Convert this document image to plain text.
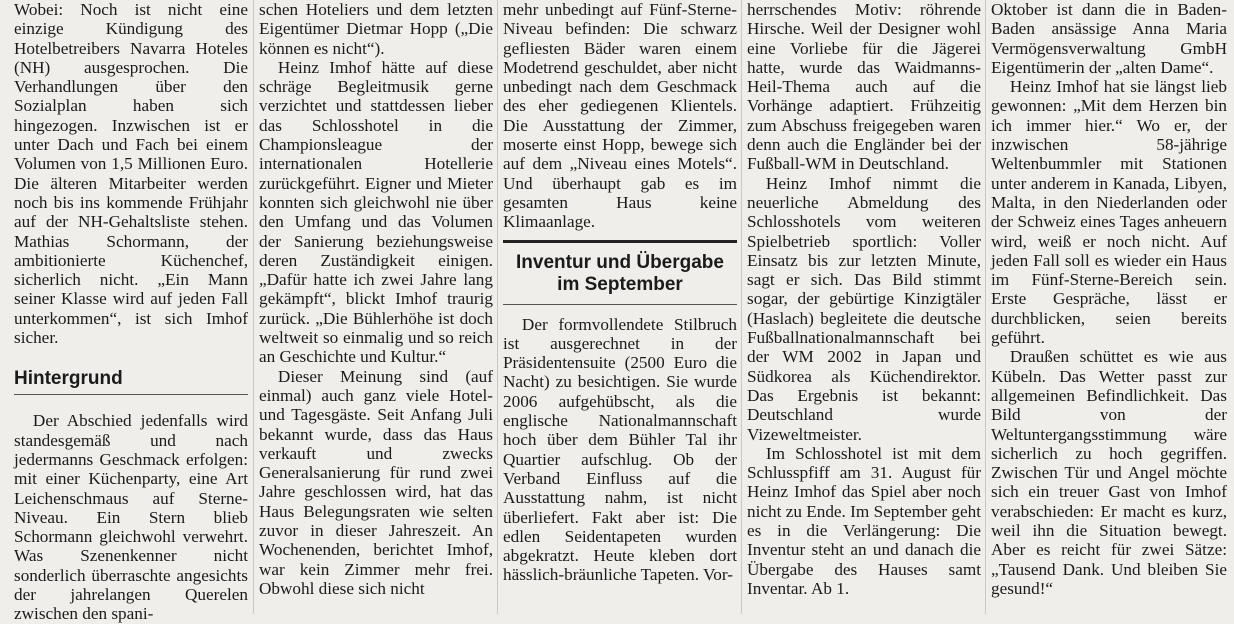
Wobei: Noch ist nicht eine einzige Kündigung des Hotelbetreibers Navarra Hoteles (NH) ausgesprochen. Die Verhandlungen über den Sozialplan haben sich hingezogen. Inzwischen ist er unter Dach und Fach bei einem Volumen von 1,5 Millionen Euro. Die älteren Mitarbeiter werden noch bis ins kommende Frühjahr auf der NH-Gehaltsliste stehen. Mathias Schormann, der ambitionierte Küchenchef, sicherlich nicht. „Ein Mann seiner Klasse wird auf jeden Fall unterkommen“, ist sich Imhof sicher.

Hintergrund

Der Abschied jedenfalls wird standesgemäß und nach jedermanns Geschmack erfolgen: mit einer Küchenparty, eine Art Leichenschmaus auf Sterne-Niveau. Ein Stern blieb Schormann gleichwohl verwehrt. Was Szenenkenner nicht sonderlich überraschte angesichts der jahrelangen Querelen zwischen den spani-

schen Hoteliers und dem letzten Eigentümer Dietmar Hopp („Die können es nicht“).

Heinz Imhof hätte auf diese schräge Begleitmusik gerne verzichtet und stattdessen lieber das Schlosshotel in die Championsleague der internationalen Hotellerie zurückgeführt. Eigner und Mieter konnten sich gleichwohl nie über den Umfang und das Volumen der Sanierung beziehungsweise deren Zuständigkeit einigen. „Dafür hatte ich zwei Jahre lang gekämpft“, blickt Imhof traurig zurück. „Die Bühlerhöhe ist doch weltweit so einmalig und so reich an Geschichte und Kultur.“

Dieser Meinung sind (auf einmal) auch ganz viele Hotel- und Tagesgäste. Seit Anfang Juli bekannt wurde, dass das Haus verkauft und zwecks Generalsanierung für rund zwei Jahre geschlossen wird, hat das Haus Belegungsraten wie selten zuvor in dieser Jahreszeit. An Wochenenden, berichtet Imhof, war kein Zimmer mehr frei. Obwohl diese sich nicht

mehr unbedingt auf Fünf-Sterne-Niveau befinden: Die schwarz gefliesten Bäder waren einem Modetrend geschuldet, aber nicht unbedingt nach dem Geschmack des eher gediegenen Klientels. Die Ausstattung der Zimmer, moserte einst Hopp, bewege sich auf dem „Niveau eines Motels“. Und überhaupt gab es im gesamten Haus keine Klimaanlage.

Inventur und Übergabe im September

Der formvollendete Stilbruch ist ausgerechnet in der Präsidentensuite (2500 Euro die Nacht) zu besichtigen. Sie wurde 2006 aufgehübscht, als die englische Nationalmannschaft hoch über dem Bühler Tal ihr Quartier aufschlug. Ob der Verband Einfluss auf die Ausstattung nahm, ist nicht überliefert. Fakt aber ist: Die edlen Seidentapeten wurden abgekratzt. Heute kleben dort hässlich-bräunliche Tapeten. Vor-

herrschendes Motiv: röhrende Hirsche. Weil der Designer wohl eine Vorliebe für die Jägerei hatte, wurde das Waidmanns-Heil-Thema auch auf die Vorhänge adaptiert. Frühzeitig zum Abschuss freigegeben waren denn auch die Engländer bei der Fußball-WM in Deutschland.

Heinz Imhof nimmt die neuerliche Abmeldung des Schlosshotels vom weiteren Spielbetrieb sportlich: Voller Einsatz bis zur letzten Minute, sagt er sich. Das Bild stimmt sogar, der gebürtige Kinzigtäler (Haslach) begleitete die deutsche Fußballnationalmannschaft bei der WM 2002 in Japan und Südkorea als Küchendirektor. Das Ergebnis ist bekannt: Deutschland wurde Vizeweltmeister.

Im Schlosshotel ist mit dem Schlusspfiff am 31. August für Heinz Imhof das Spiel aber noch nicht zu Ende. Im September geht es in die Verlängerung: Die Inventur steht an und danach die Übergabe des Hauses samt Inventar. Ab 1.

Oktober ist dann die in Baden-Baden ansässige Anna Maria Vermögensverwaltung GmbH Eigentümerin der „alten Dame“.

Heinz Imhof hat sie längst lieb gewonnen: „Mit dem Herzen bin ich immer hier.“ Wo er, der inzwischen 58-jährige Weltenbummler mit Stationen unter anderem in Kanada, Libyen, Malta, in den Niederlanden oder der Schweiz eines Tages anheuern wird, weiß er noch nicht. Auf jeden Fall soll es wieder ein Haus im Fünf-Sterne-Bereich sein. Erste Gespräche, lässt er durchblicken, seien bereits geführt.

Draußen schüttet es wie aus Kübeln. Das Wetter passt zur allgemeinen Befindlichkeit. Das Bild von der Weltuntergangsstimmung wäre sicherlich zu hoch gegriffen. Zwischen Tür und Angel möchte sich ein treuer Gast von Imhof verabschieden: Er macht es kurz, weil ihn die Situation bewegt. Aber es reicht für zwei Sätze: „Tausend Dank. Und bleiben Sie gesund!“
